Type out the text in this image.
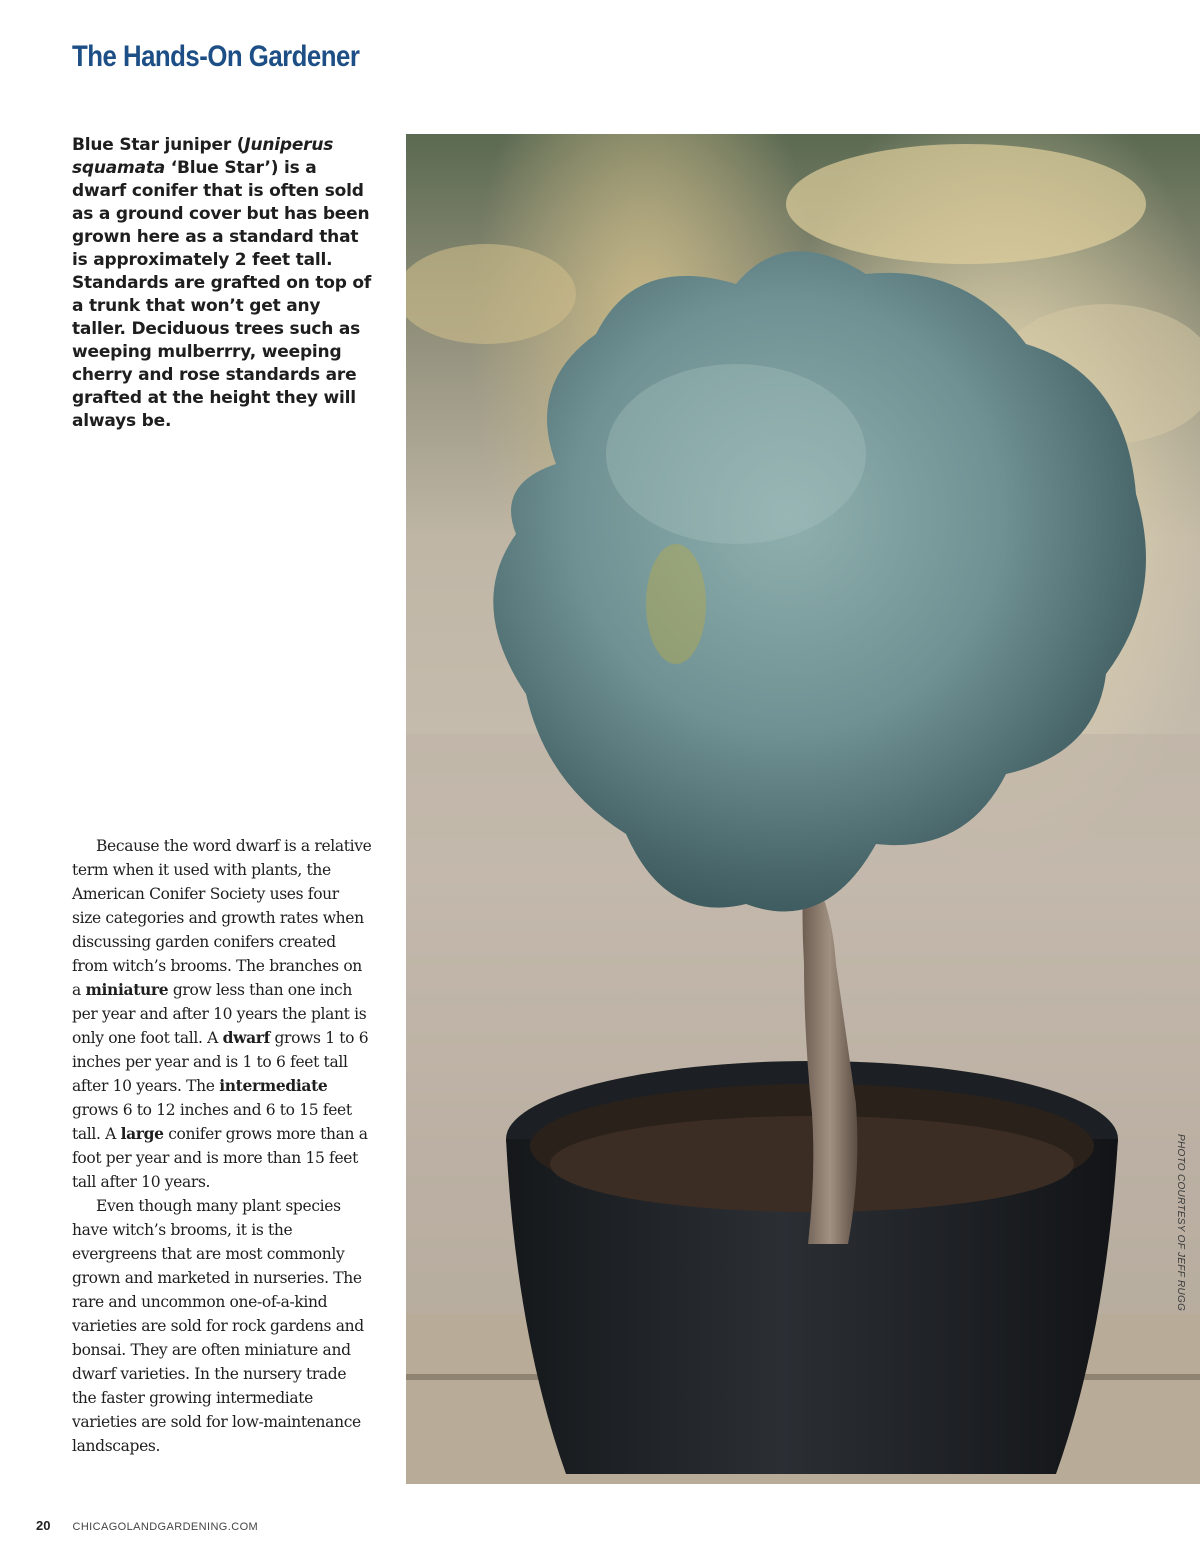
The Hands-On Gardener

Blue Star juniper (Juniperus squamata ‘Blue Star’) is a dwarf conifer that is often sold as a ground cover but has been grown here as a standard that is approximately 2 feet tall. Standards are grafted on top of a trunk that won’t get any taller. Deciduous trees such as weeping mulberrry, weeping cherry and rose standards are grafted at the height they will always be.

Because the word dwarf is a relative term when it used with plants, the American Conifer Society uses four size categories and growth rates when discussing garden conifers created from witch’s brooms. The branches on a miniature grow less than one inch per year and after 10 years the plant is only one foot tall. A dwarf grows 1 to 6 inches per year and is 1 to 6 feet tall after 10 years. The intermediate grows 6 to 12 inches and 6 to 15 feet tall. A large conifer grows more than a foot per year and is more than 15 feet tall after 10 years.

Even though many plant species have witch’s brooms, it is the evergreens that are most commonly grown and marketed in nurseries. The rare and uncommon one-of-a-kind varieties are sold for rock gardens and bonsai. They are often miniature and dwarf varieties. In the nursery trade the faster growing intermediate varieties are sold for low-maintenance landscapes.

PHOTO COURTESY OF JEFF RUGG
20 CHICAGOLANDGARDENING.COM
